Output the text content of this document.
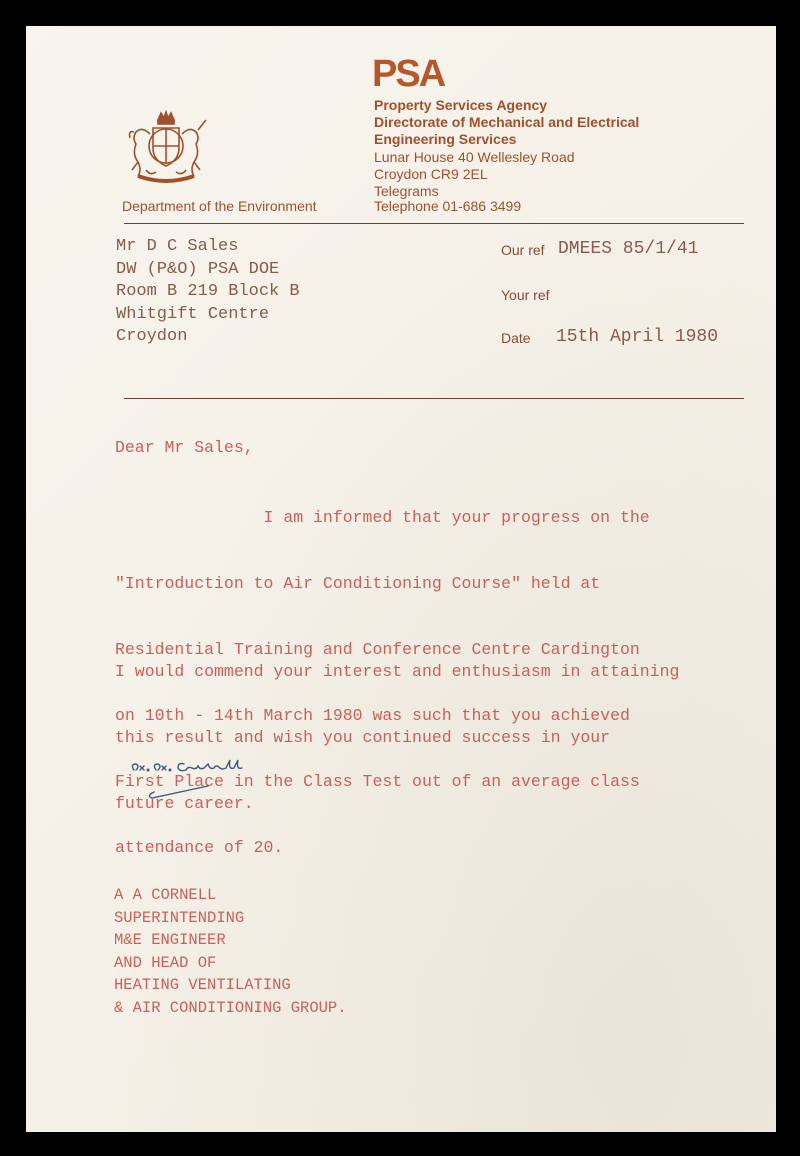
PSA
Property Services Agency
Directorate of Mechanical and Electrical
Engineering Services
Lunar House 40 Wellesley Road
Croydon CR9 2EL
Telegrams
Telephone 01-686 3499
Department of the Environment
Mr D C Sales
DW (P&O) PSA DOE
Room B 219 Block B
Whitgift Centre
Croydon
Our ref DMEES 85/1/41
Your ref
Date 15th April 1980
Dear Mr Sales,

I am informed that your progress on the

"Introduction to Air Conditioning Course" held at

Residential Training and Conference Centre Cardington

on 10th - 14th March 1980 was such that you achieved

First Place in the Class Test out of an average class

attendance of 20.

I would commend your interest and enthusiasm in attaining

this result and wish you continued success in your

future career.

A A CORNELL
SUPERINTENDING
M&E ENGINEER
AND HEAD OF
HEATING VENTILATING
& AIR CONDITIONING GROUP.
